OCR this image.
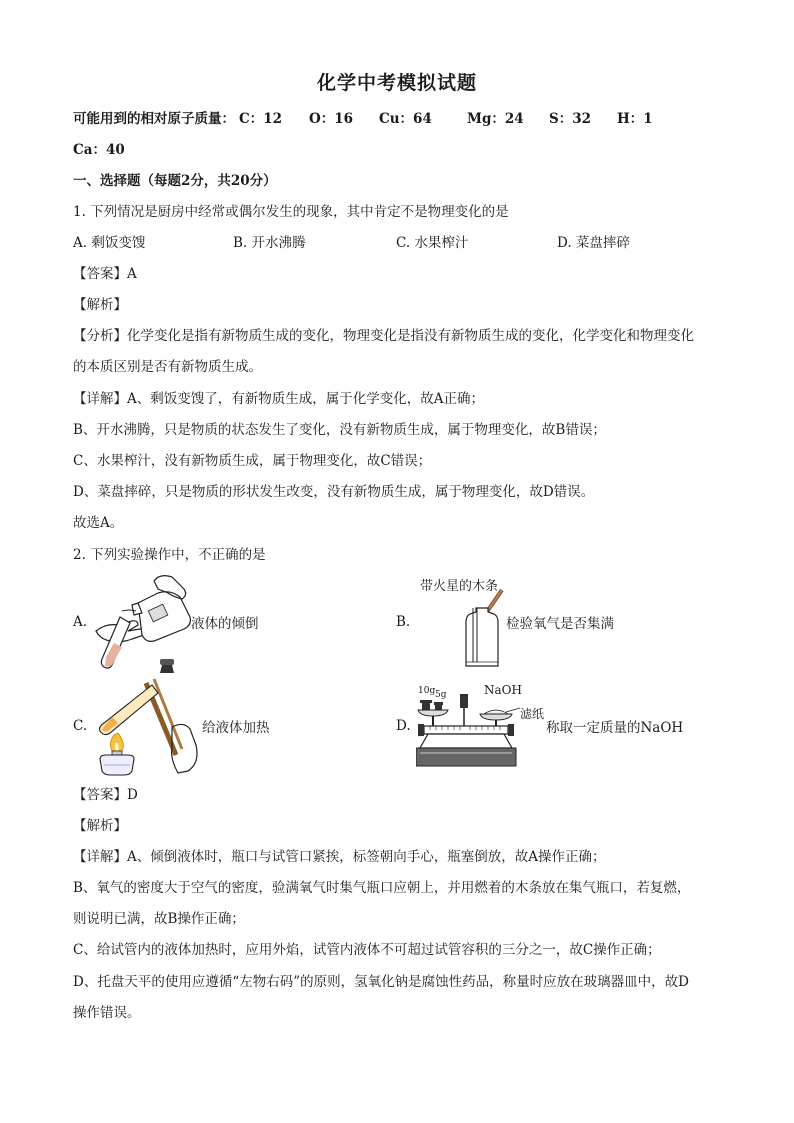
化学中考模拟试题
可能用到的相对原子质量： C：12 O：16 Cu：64	Mg：24 S：32 H：1
Ca：40
一、选择题（每题2分，共20分）
1. 下列情况是厨房中经常或偶尔发生的现象，其中肯定不是物理变化的是
A. 剩饭变馊	B. 开水沸腾	C. 水果榨汁	D. 菜盘摔碎
【答案】A
【解析】
【分析】化学变化是指有新物质生成的变化，物理变化是指没有新物质生成的变化，化学变化和物理变化
的本质区别是否有新物质生成。
【详解】A、剩饭变馊了，有新物质生成，属于化学变化，故A正确；
B、开水沸腾，只是物质的状态发生了变化，没有新物质生成，属于物理变化，故B错误；
C、水果榨汁，没有新物质生成，属于物理变化，故C错误；
D、菜盘摔碎，只是物质的形状发生改变，没有新物质生成，属于物理变化，故D错误。
故选A。
2. 下列实验操作中，不正确的是
A.	液体的倾倒	B.
带火星的木条
检验氧气是否集满
C.	给液体加热	D.
10g 5g	NaOH
滤纸
称取一定质量的NaOH
【答案】D
【解析】
【详解】A、倾倒液体时，瓶口与试管口紧挨，标签朝向手心，瓶塞倒放，故A操作正确；
B、氧气的密度大于空气的密度，验满氧气时集气瓶口应朝上，并用燃着的木条放在集气瓶口，若复燃，
则说明已满，故B操作正确；
C、给试管内的液体加热时，应用外焰，试管内液体不可超过试管容积的三分之一，故C操作正确；
D、托盘天平的使用应遵循“左物右码”的原则，氢氧化钠是腐蚀性药品，称量时应放在玻璃器皿中，故D
操作错误。
